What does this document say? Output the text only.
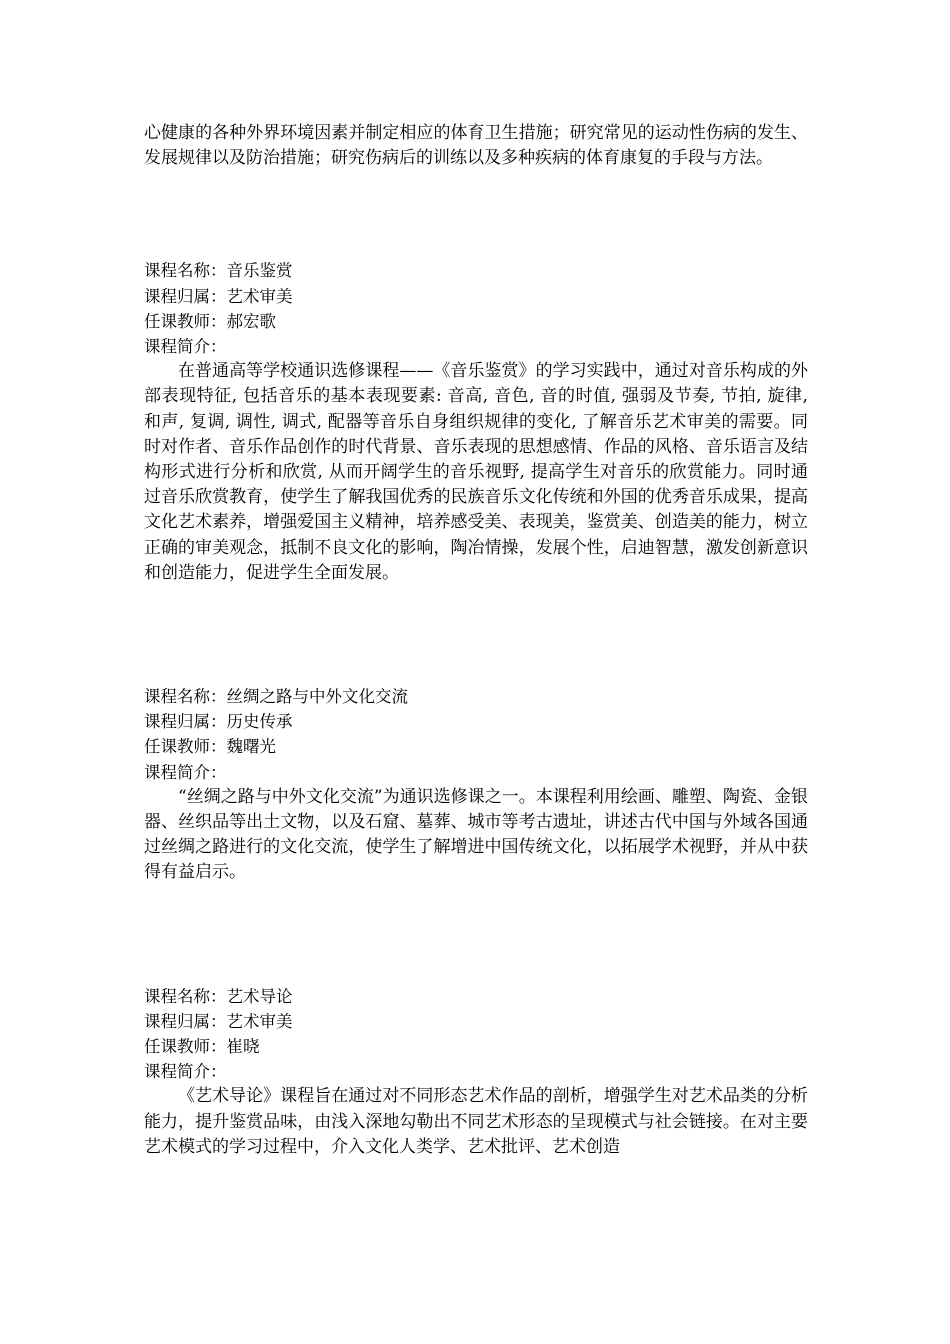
心健康的各种外界环境因素并制定相应的体育卫生措施；研究常见的运动性伤病的发生、发展规律以及防治措施；研究伤病后的训练以及多种疾病的体育康复的手段与方法。

课程名称：音乐鉴赏

课程归属：艺术审美

任课教师：郝宏歌

课程简介：

在普通高等学校通识选修课程——《音乐鉴赏》的学习实践中，通过对音乐构成的外部表现特征, 包括音乐的基本表现要素: 音高, 音色, 音的时值, 强弱及节奏, 节拍, 旋律, 和声, 复调, 调性, 调式, 配器等音乐自身组织规律的变化, 了解音乐艺术审美的需要。同时对作者、音乐作品创作的时代背景、音乐表现的思想感情、作品的风格、音乐语言及结构形式进行分析和欣赏, 从而开阔学生的音乐视野, 提高学生对音乐的欣赏能力。同时通过音乐欣赏教育，使学生了解我国优秀的民族音乐文化传统和外国的优秀音乐成果，提高文化艺术素养，增强爱国主义精神，培养感受美、表现美，鉴赏美、创造美的能力，树立正确的审美观念，抵制不良文化的影响，陶冶情操，发展个性，启迪智慧，激发创新意识和创造能力，促进学生全面发展。

课程名称：丝绸之路与中外文化交流

课程归属：历史传承

任课教师：魏曙光

课程简介：

“丝绸之路与中外文化交流”为通识选修课之一。本课程利用绘画、雕塑、陶瓷、金银器、丝织品等出土文物，以及石窟、墓葬、城市等考古遗址，讲述古代中国与外域各国通过丝绸之路进行的文化交流，使学生了解增进中国传统文化，以拓展学术视野，并从中获得有益启示。

课程名称：艺术导论

课程归属：艺术审美

任课教师：崔晓

课程简介：

《艺术导论》课程旨在通过对不同形态艺术作品的剖析，增强学生对艺术品类的分析能力，提升鉴赏品味，由浅入深地勾勒出不同艺术形态的呈现模式与社会链接。在对主要艺术模式的学习过程中，介入文化人类学、艺术批评、艺术创造
